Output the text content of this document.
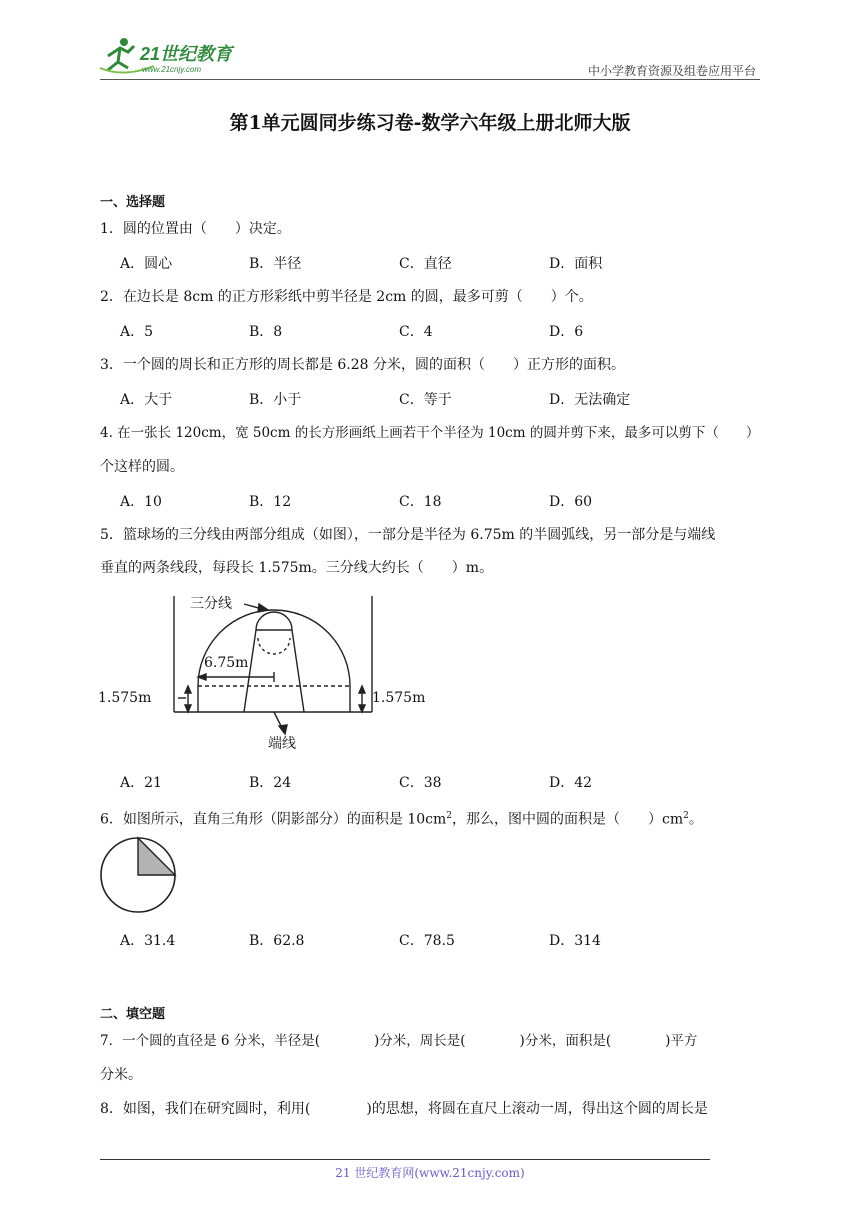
21世纪教育
www.21cnjy.com	中小学教育资源及组卷应用平台
第1单元圆同步练习卷-数学六年级上册北师大版
一、选择题
1．圆的位置由（　　）决定。
A．圆心	B．半径	C．直径	D．面积
2．在边长是 8cm 的正方形彩纸中剪半径是 2cm 的圆，最多可剪（　　）个。
A．5	B．8	C．4	D．6
3．一个圆的周长和正方形的周长都是 6.28 分米，圆的面积（　　）正方形的面积。
A．大于	B．小于	C．等于	D．无法确定
4. 在一张长 120cm，宽 50cm 的长方形画纸上画若干个半径为 10cm 的圆并剪下来，最多可以剪下（　　）
个这样的圆。
A．10	B．12	C．18	D．60
5．篮球场的三分线由两部分组成（如图），一部分是半径为 6.75m 的半圆弧线，另一部分是与端线
垂直的两条线段，每段长 1.575m。三分线大约长（　　）m。
三分线
6.75m
1.575m	1.575m
端线
A．21	B．24	C．38	D．42
6．如图所示，直角三角形（阴影部分）的面积是 $10cm^2$，那么，图中圆的面积是（　　）$cm^2$。
A．31.4	B．62.8	C．78.5	D．314
二、填空题
7．一个圆的直径是 6 分米，半径是(　　　　)分米，周长是(　　　　)分米，面积是(　　　　)平方
分米。
8．如图，我们在研究圆时，利用(　　　　)的思想，将圆在直尺上滚动一周，得出这个圆的周长是
21 世纪教育网(www.21cnjy.com)
